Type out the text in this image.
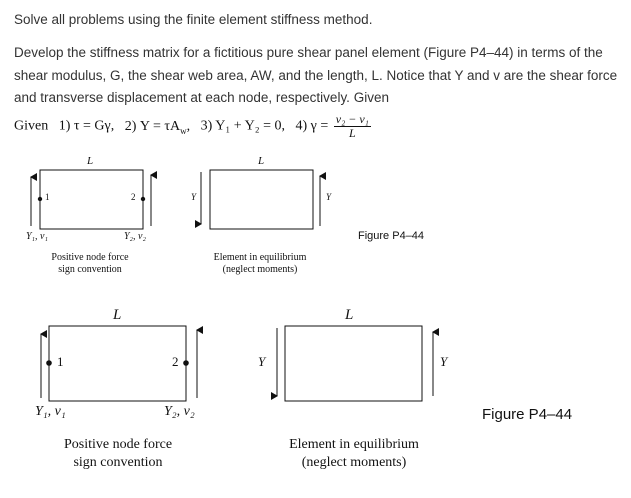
Solve all problems using the finite element stiffness method.
Develop the stiffness matrix for a fictitious pure shear panel element (Figure P4–44) in terms of the shear modulus, G, the shear web area, AW, and the length, L. Notice that Y and v are the shear force and transverse displacement at each node, respectively. Given
Given 1) τ = Gγ, 2) $Y = \tau A_w$, 3) Y₁ + Y₂ = 0, 4) $\gamma = \frac{\text{v₂ − v₁}}{L}$
L
1	2
Y₁, v₁	Y₂, v₂
Positive node force
sign convention
L
Y	Y
Element in equilibrium
(neglect moments)
Figure P4–44
L
1	2
Y₁, v₁	Y₂, v₂
Positive node force
sign convention
L
Y	Y
Element in equilibrium
(neglect moments)
Figure P4–44
